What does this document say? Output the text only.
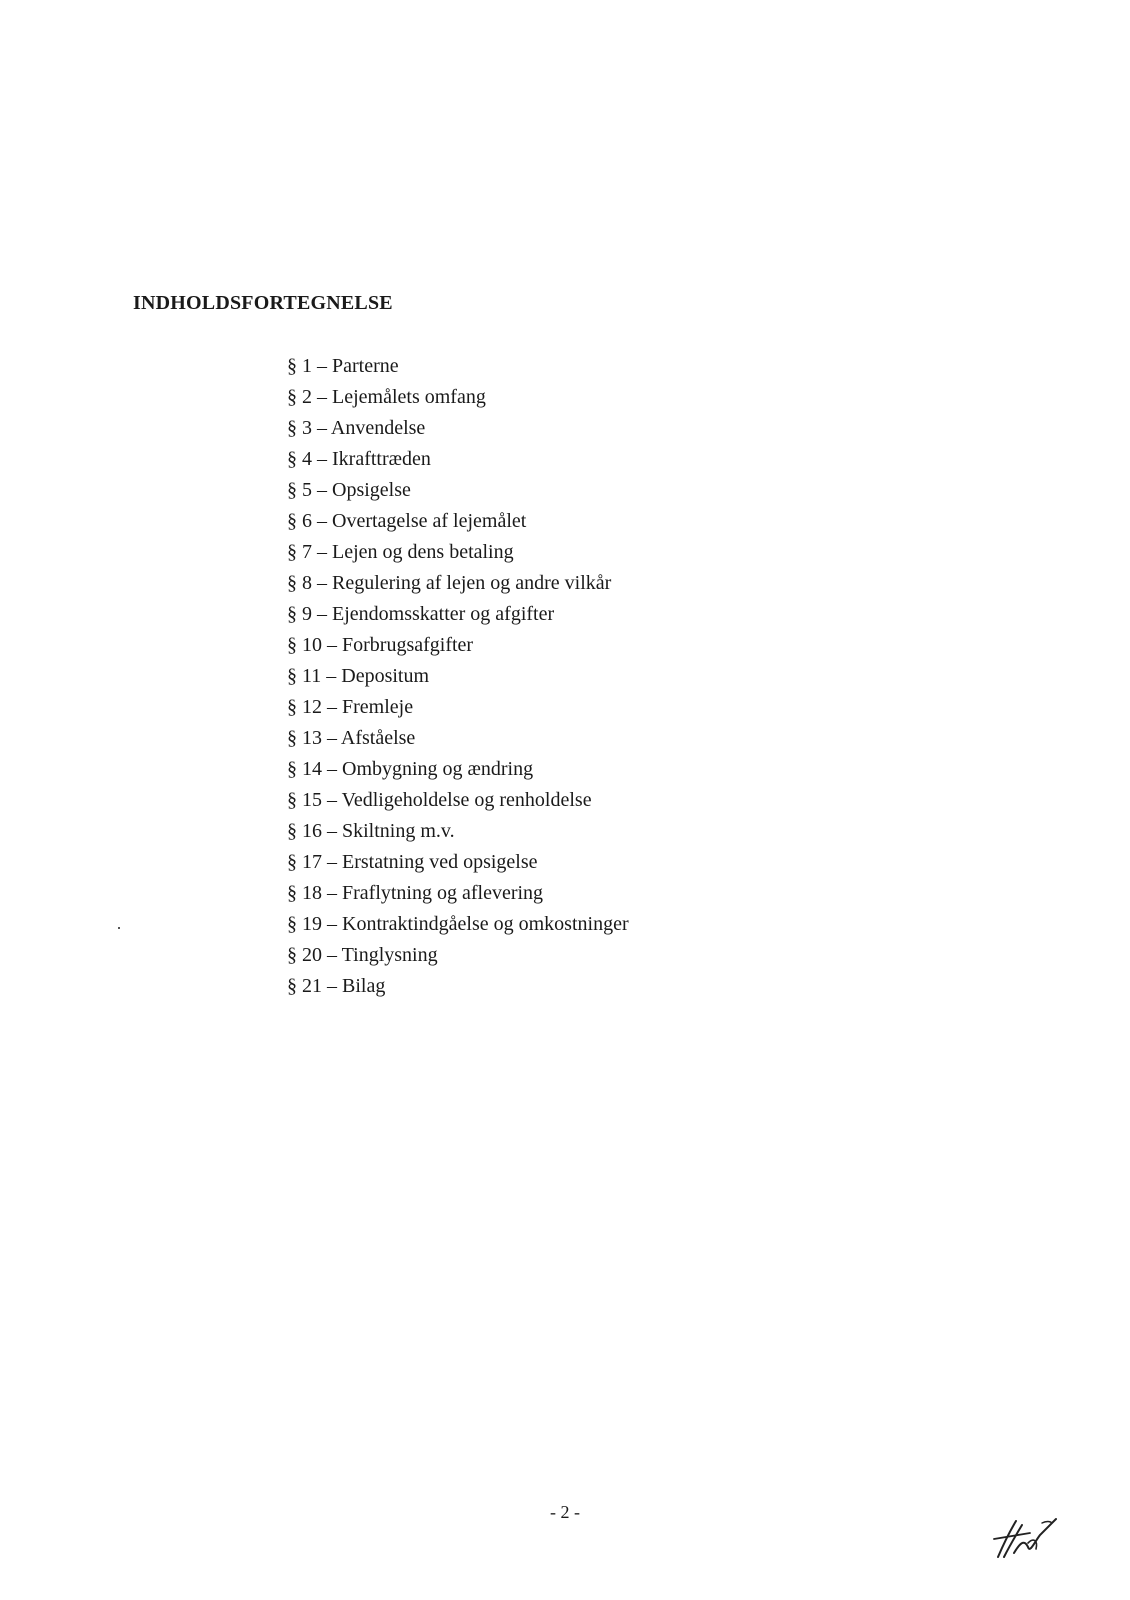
INDHOLDSFORTEGNELSE
§ 1 – Parterne
§ 2 – Lejemålets omfang
§ 3 – Anvendelse
§ 4 – Ikrafttræden
§ 5 – Opsigelse
§ 6 – Overtagelse af lejemålet
§ 7 – Lejen og dens betaling
§ 8 – Regulering af lejen og andre vilkår
§ 9 – Ejendomsskatter og afgifter
§ 10 – Forbrugsafgifter
§ 11 – Depositum
§ 12 – Fremleje
§ 13 – Afståelse
§ 14 – Ombygning og ændring
§ 15 – Vedligeholdelse og renholdelse
§ 16 – Skiltning m.v.
§ 17 – Erstatning ved opsigelse
§ 18 – Fraflytning og aflevering
§ 19 – Kontraktindgåelse og omkostninger
§ 20 – Tinglysning
§ 21 – Bilag
- 2 -
